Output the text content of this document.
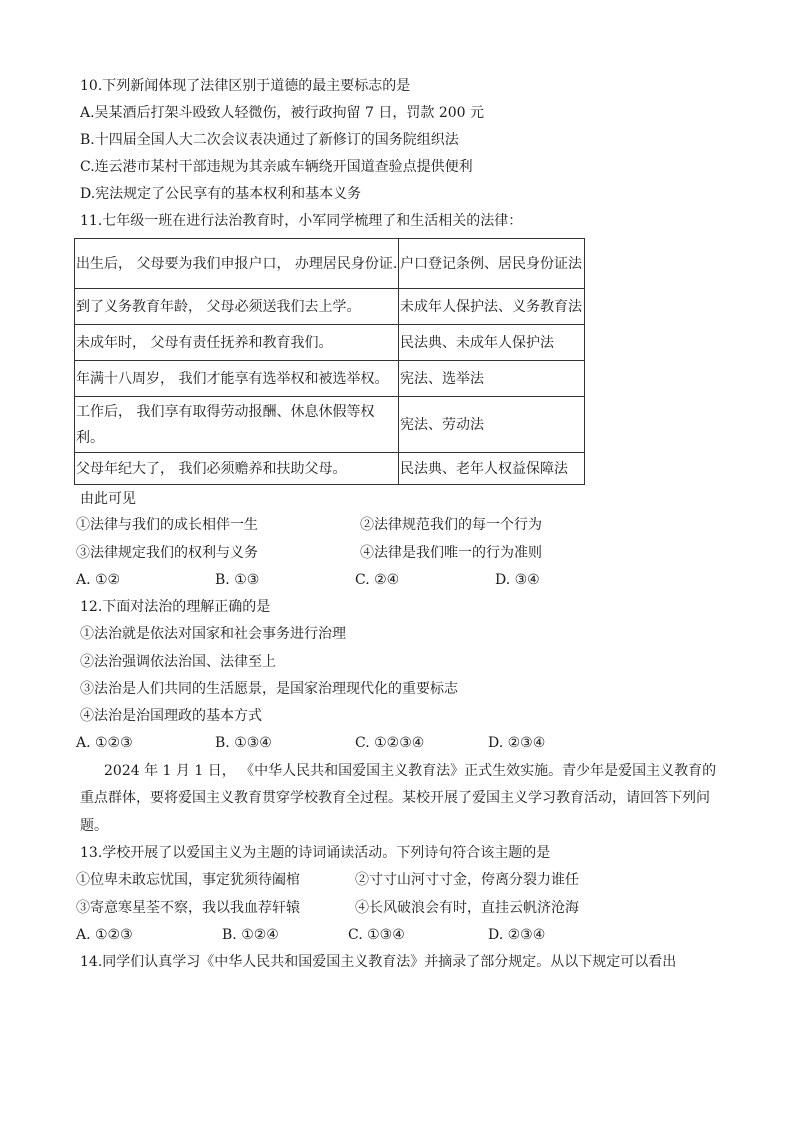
10.下列新闻体现了法律区别于道德的最主要标志的是
A.吴某酒后打架斗殴致人轻微伤，被行政拘留 7 日，罚款 200 元
B.十四届全国人大二次会议表决通过了新修订的国务院组织法
C.连云港市某村干部违规为其亲戚车辆绕开国道查验点提供便利
D.宪法规定了公民享有的基本权利和基本义务
11.七年级一班在进行法治教育时，小军同学梳理了和生活相关的法律：
出生后， 父母要为我们申报户口， 办理居民身份证.	户口登记条例、居民身份证法
到了义务教育年龄， 父母必须送我们去上学。	未成年人保护法、义务教育法
未成年时， 父母有责任抚养和教育我们。	民法典、未成年人保护法
年满十八周岁， 我们才能享有选举权和被选举权。	宪法、选举法
工作后， 我们享有取得劳动报酬、休息休假等权利。	宪法、劳动法
父母年纪大了， 我们必须赡养和扶助父母。	民法典、老年人权益保障法
由此可见
①法律与我们的成长相伴一生	②法律规范我们的每一个行为
③法律规定我们的权利与义务	④法律是我们唯一的行为准则
A. ①②	B. ①③	C. ②④	D. ③④
12.下面对法治的理解正确的是
①法治就是依法对国家和社会事务进行治理
②法治强调依法治国、法律至上
③法治是人们共同的生活愿景，是国家治理现代化的重要标志
④法治是治国理政的基本方式
A. ①②③	B. ①③④	C. ①②③④	D. ②③④
2024 年 1 月 1 日， 《中华人民共和国爱国主义教育法》正式生效实施。青少年是爱国主义教育的
重点群体，要将爱国主义教育贯穿学校教育全过程。某校开展了爱国主义学习教育活动，请回答下列问
题。
13.学校开展了以爱国主义为主题的诗词诵读活动。下列诗句符合该主题的是
①位卑未敢忘忧国，事定犹须待阖棺	②寸寸山河寸寸金，侉离分裂力谁任
③寄意寒星荃不察，我以我血荐轩辕	④长风破浪会有时，直挂云帆济沧海
A. ①②③	B. ①②④	C. ①③④	D. ②③④
14.同学们认真学习《中华人民共和国爱国主义教育法》并摘录了部分规定。从以下规定可以看出
